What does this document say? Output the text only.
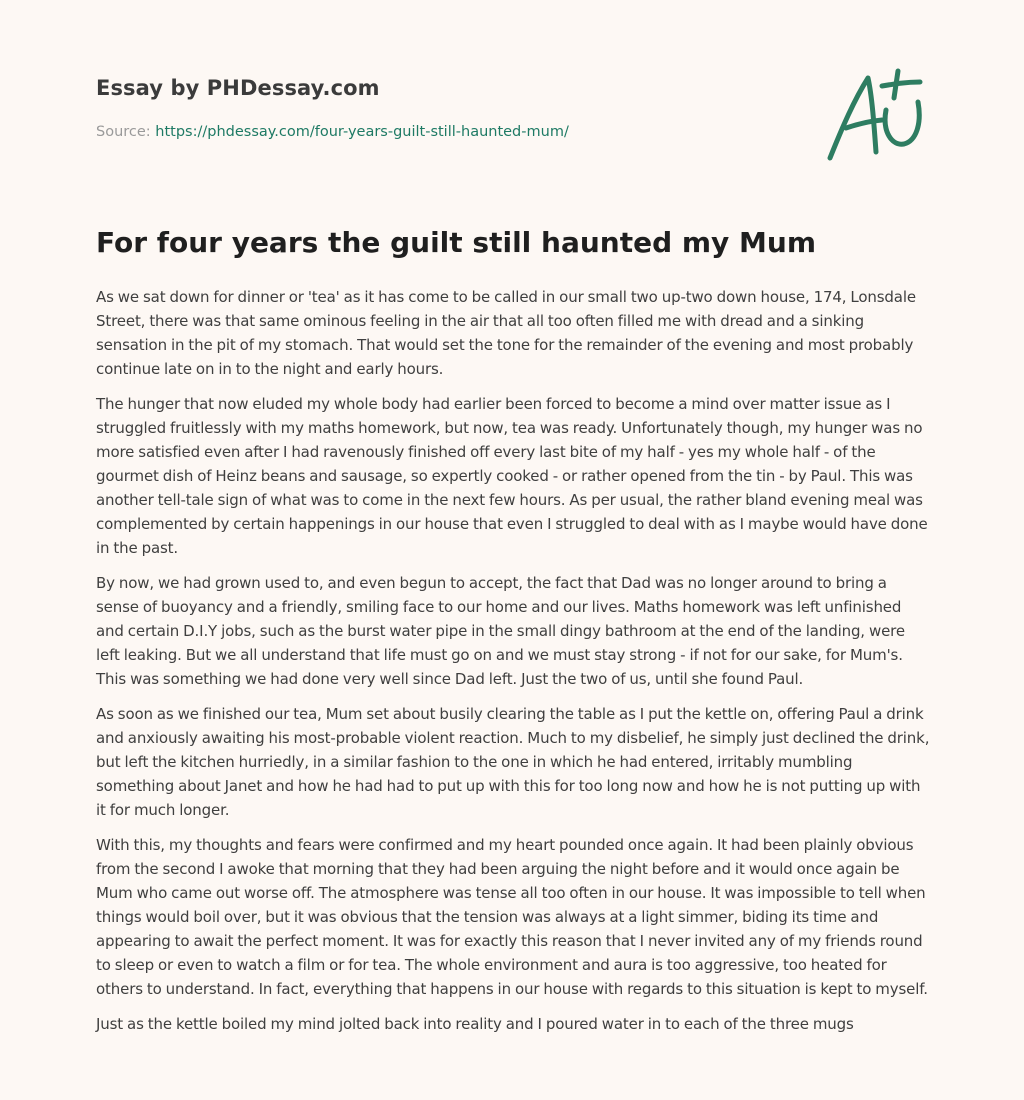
Essay by PHDessay.com
Source: https://phdessay.com/four-years-guilt-still-haunted-mum/
For four years the guilt still haunted my Mum

As we sat down for dinner or 'tea' as it has come to be called in our small two up-two down house, 174, Lonsdale Street, there was that same ominous feeling in the air that all too often filled me with dread and a sinking sensation in the pit of my stomach. That would set the tone for the remainder of the evening and most probably continue late on in to the night and early hours.

The hunger that now eluded my whole body had earlier been forced to become a mind over matter issue as I struggled fruitlessly with my maths homework, but now, tea was ready. Unfortunately though, my hunger was no more satisfied even after I had ravenously finished off every last bite of my half - yes my whole half - of the gourmet dish of Heinz beans and sausage, so expertly cooked - or rather opened from the tin - by Paul. This was another tell-tale sign of what was to come in the next few hours. As per usual, the rather bland evening meal was complemented by certain happenings in our house that even I struggled to deal with as I maybe would have done in the past.

By now, we had grown used to, and even begun to accept, the fact that Dad was no longer around to bring a sense of buoyancy and a friendly, smiling face to our home and our lives. Maths homework was left unfinished and certain D.I.Y jobs, such as the burst water pipe in the small dingy bathroom at the end of the landing, were left leaking. But we all understand that life must go on and we must stay strong - if not for our sake, for Mum's. This was something we had done very well since Dad left. Just the two of us, until she found Paul.

As soon as we finished our tea, Mum set about busily clearing the table as I put the kettle on, offering Paul a drink and anxiously awaiting his most-probable violent reaction. Much to my disbelief, he simply just declined the drink, but left the kitchen hurriedly, in a similar fashion to the one in which he had entered, irritably mumbling something about Janet and how he had had to put up with this for too long now and how he is not putting up with it for much longer.

With this, my thoughts and fears were confirmed and my heart pounded once again. It had been plainly obvious from the second I awoke that morning that they had been arguing the night before and it would once again be Mum who came out worse off. The atmosphere was tense all too often in our house. It was impossible to tell when things would boil over, but it was obvious that the tension was always at a light simmer, biding its time and appearing to await the perfect moment. It was for exactly this reason that I never invited any of my friends round to sleep or even to watch a film or for tea. The whole environment and aura is too aggressive, too heated for others to understand. In fact, everything that happens in our house with regards to this situation is kept to myself.

Just as the kettle boiled my mind jolted back into reality and I poured water in to each of the three mugs
